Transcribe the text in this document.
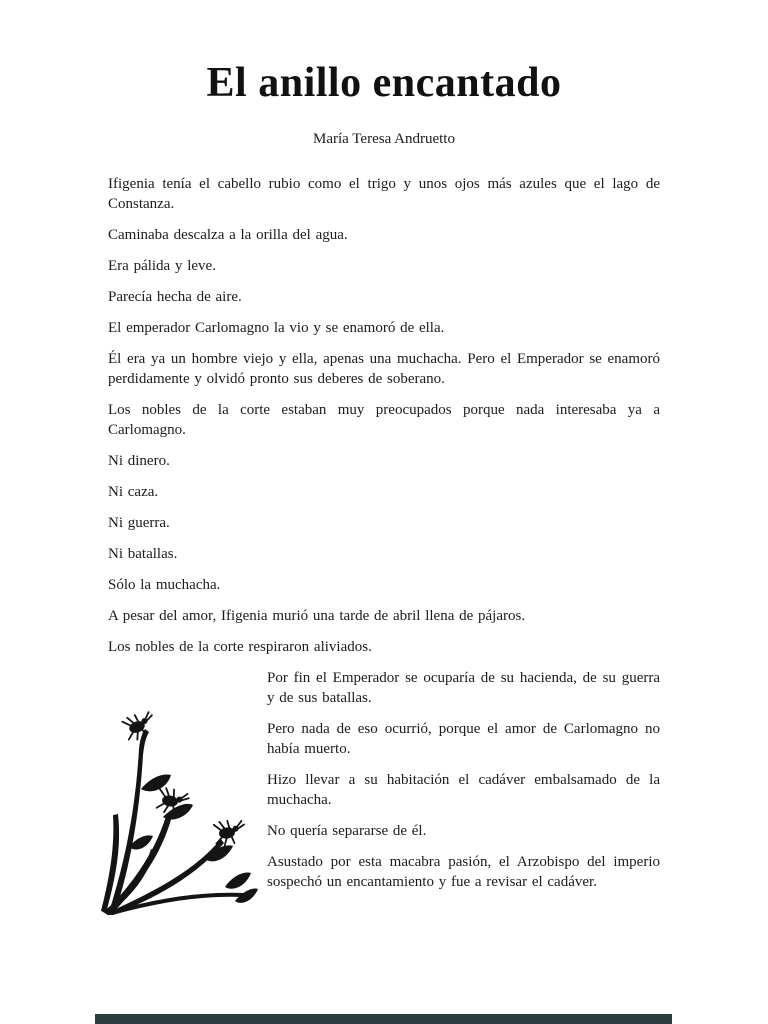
El anillo encantado
María Teresa Andruetto

Ifigenia tenía el cabello rubio como el trigo y unos ojos más azules que el lago de Constanza.

Caminaba descalza a la orilla del agua.

Era pálida y leve.

Parecía hecha de aire.

El emperador Carlomagno la vio y se enamoró de ella.

Él era ya un hombre viejo y ella, apenas una muchacha. Pero el Emperador se enamoró perdidamente y olvidó pronto sus deberes de soberano.

Los nobles de la corte estaban muy preocupados porque nada interesaba ya a Carlomagno.

Ni dinero.

Ni caza.

Ni guerra.

Ni batallas.

Sólo la muchacha.

A pesar del amor, Ifigenia murió una tarde de abril llena de pájaros.

Los nobles de la corte respiraron aliviados.

Por fin el Emperador se ocuparía de su hacienda, de su guerra y de sus batallas.

Pero nada de eso ocurrió, porque el amor de Carlomagno no había muerto.

Hizo llevar a su habitación el cadáver embalsamado de la muchacha.

No quería separarse de él.

Asustado por esta macabra pasión, el Arzobispo del imperio sospechó un encantamiento y fue a revisar el cadáver.
